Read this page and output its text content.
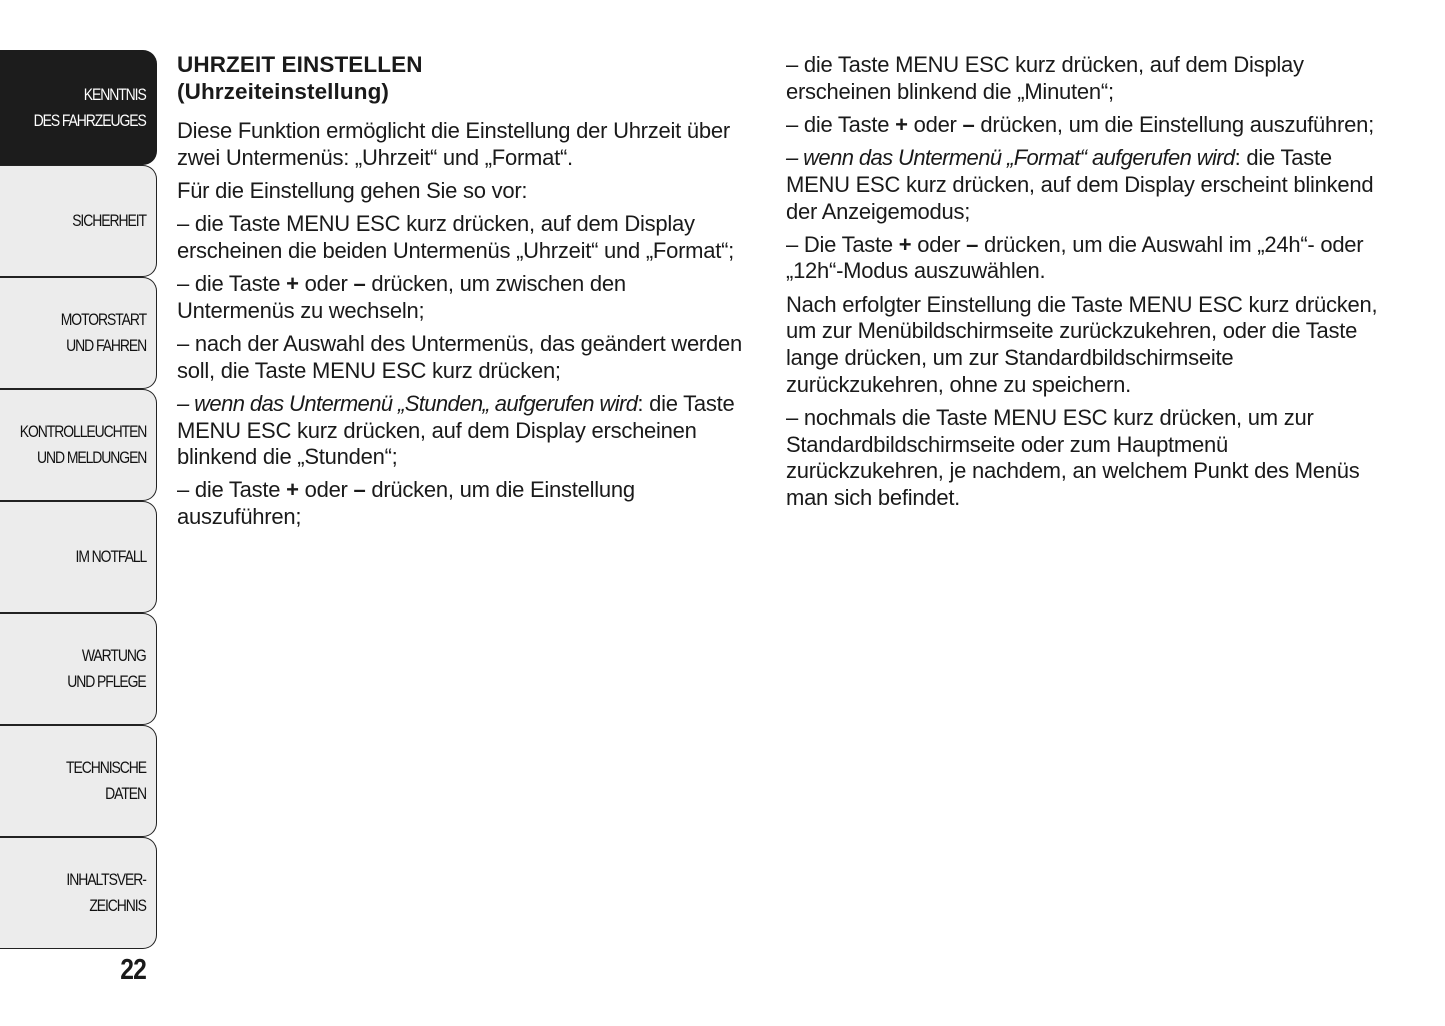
KENNTNIS
DES FAHRZEUGES
SICHERHEIT
MOTORSTART
UND FAHREN
KONTROLLEUCHTEN
UND MELDUNGEN
IM NOTFALL
WARTUNG
UND PFLEGE
TECHNISCHE DATEN
INHALTSVER-
ZEICHNIS
22
UHRZEIT EINSTELLEN
(Uhrzeiteinstellung)

Diese Funktion ermöglicht die Einstellung der Uhrzeit über zwei Untermenüs: „Uhrzeit“ und „Format“.

Für die Einstellung gehen Sie so vor:

– die Taste MENU ESC kurz drücken, auf dem Display erscheinen die beiden Untermenüs „Uhrzeit“ und „Format“;

– die Taste + oder – drücken, um zwischen den Untermenüs zu wechseln;

– nach der Auswahl des Untermenüs, das geändert werden soll, die Taste MENU ESC kurz drücken;

– wenn das Untermenü „Stunden„ aufgerufen wird: die Taste MENU ESC kurz drücken, auf dem Display erscheinen blinkend die „Stunden“;

– die Taste + oder – drücken, um die Einstellung auszuführen;

– die Taste MENU ESC kurz drücken, auf dem Display erscheinen blinkend die „Minuten“;

– die Taste + oder – drücken, um die Einstellung auszuführen;

– wenn das Untermenü „Format“ aufgerufen wird: die Taste MENU ESC kurz drücken, auf dem Display erscheint blinkend der Anzeigemodus;

– Die Taste + oder – drücken, um die Auswahl im „24h“- oder „12h“-Modus auszuwählen.

Nach erfolgter Einstellung die Taste MENU ESC kurz drücken, um zur Menübildschirmseite zurückzukehren, oder die Taste lange drücken, um zur Standardbildschirmseite zurückzukehren, ohne zu speichern.

– nochmals die Taste MENU ESC kurz drücken, um zur Standardbildschirmseite oder zum Hauptmenü zurückzukehren, je nachdem, an welchem Punkt des Menüs man sich befindet.
